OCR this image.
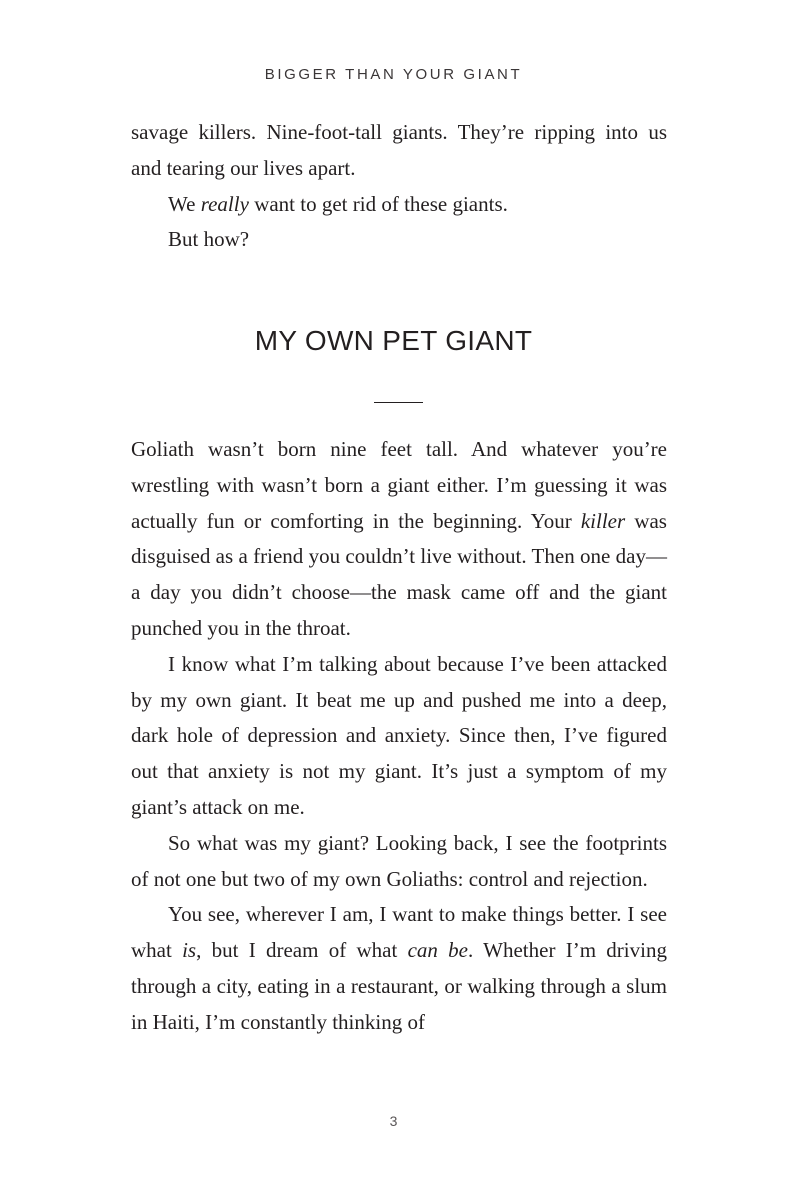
BIGGER THAN YOUR GIANT

savage killers. Nine-foot-tall giants. They’re ripping into us and tearing our lives apart.

We really want to get rid of these giants.

But how?

MY OWN PET GIANT

Goliath wasn’t born nine feet tall. And whatever you’re wrestling with wasn’t born a giant either. I’m guessing it was actually fun or comforting in the beginning. Your killer was disguised as a friend you couldn’t live without. Then one day—a day you didn’t choose—the mask came off and the giant punched you in the throat.

I know what I’m talking about because I’ve been attacked by my own giant. It beat me up and pushed me into a deep, dark hole of depression and anxiety. Since then, I’ve figured out that anxiety is not my giant. It’s just a symptom of my giant’s attack on me.

So what was my giant? Looking back, I see the footprints of not one but two of my own Goliaths: control and rejection.

You see, wherever I am, I want to make things better. I see what is, but I dream of what can be. Whether I’m driving through a city, eating in a restaurant, or walking through a slum in Haiti, I’m constantly thinking of

3
